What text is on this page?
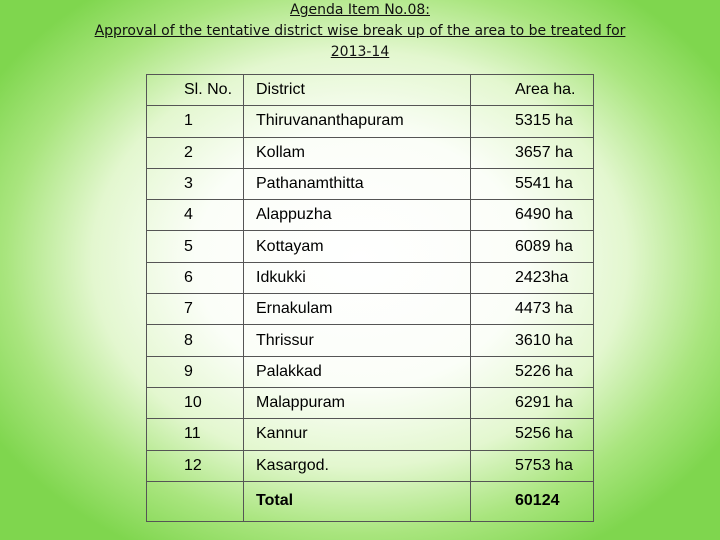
Agenda Item No.08:
Approval of the tentative district wise break up of the area to be treated for
2013-14
Sl. No.	District	Area ha.
1	Thiruvananthapuram	5315 ha
2	Kollam	3657 ha
3	Pathanamthitta	5541 ha
4	Alappuzha	6490 ha
5	Kottayam	6089 ha
6	Idkukki	2423ha
7	Ernakulam	4473 ha
8	Thrissur	3610 ha
9	Palakkad	5226 ha
10	Malappuram	6291 ha
11	Kannur	5256 ha
12	Kasargod.	5753 ha
	Total	60124
